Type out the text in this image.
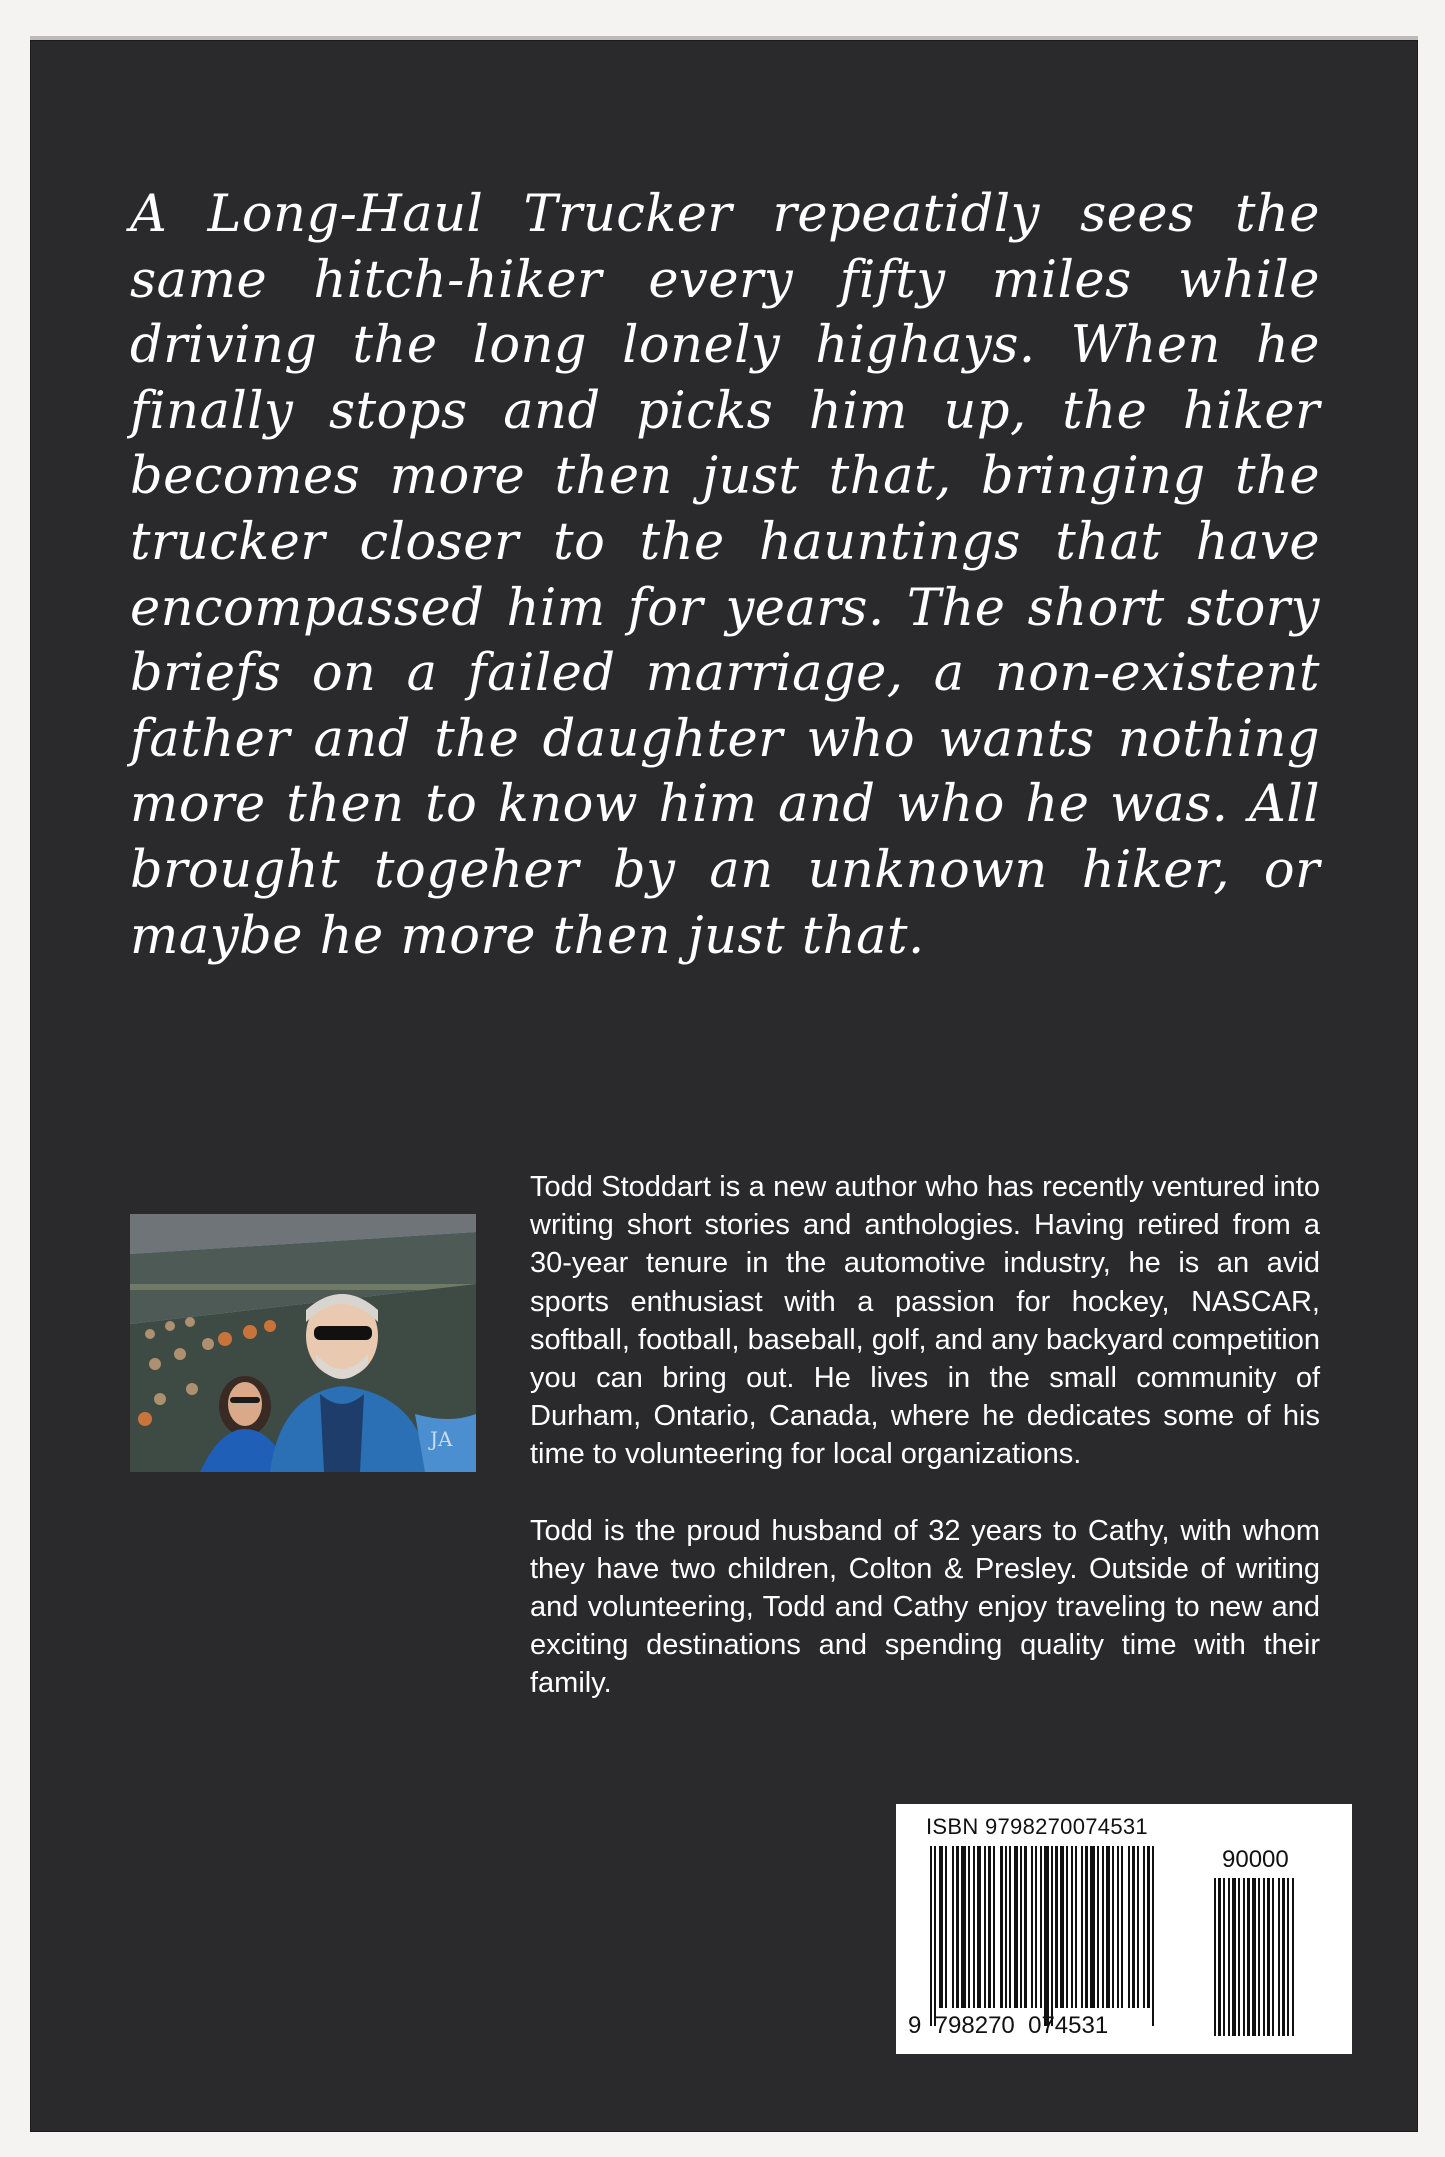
A Long-Haul Trucker repeatidly sees the same hitch-hiker every fifty miles while driving the long lonely highays. When he finally stops and picks him up, the hiker becomes more then just that, bringing the trucker closer to the hauntings that have encompassed him for years. The short story briefs on a failed marriage, a non-existent father and the daughter who wants nothing more then to know him and who he was. All brought togeher by an unknown hiker, or maybe he more then just that.

JA

Todd Stoddart is a new author who has recently ventured into writing short stories and anthologies. Having retired from a 30-year tenure in the automotive industry, he is an avid sports enthusiast with a passion for hockey, NASCAR, softball, football, baseball, golf, and any backyard competition you can bring out. He lives in the small community of Durham, Ontario, Canada, where he dedicates some of his time to volunteering for local organizations.

Todd is the proud husband of 32 years to Cathy, with whom they have two children, Colton & Presley. Outside of writing and volunteering, Todd and Cathy enjoy traveling to new and exciting destinations and spending quality time with their family.

ISBN 9798270074531
90000
9  798270  074531
